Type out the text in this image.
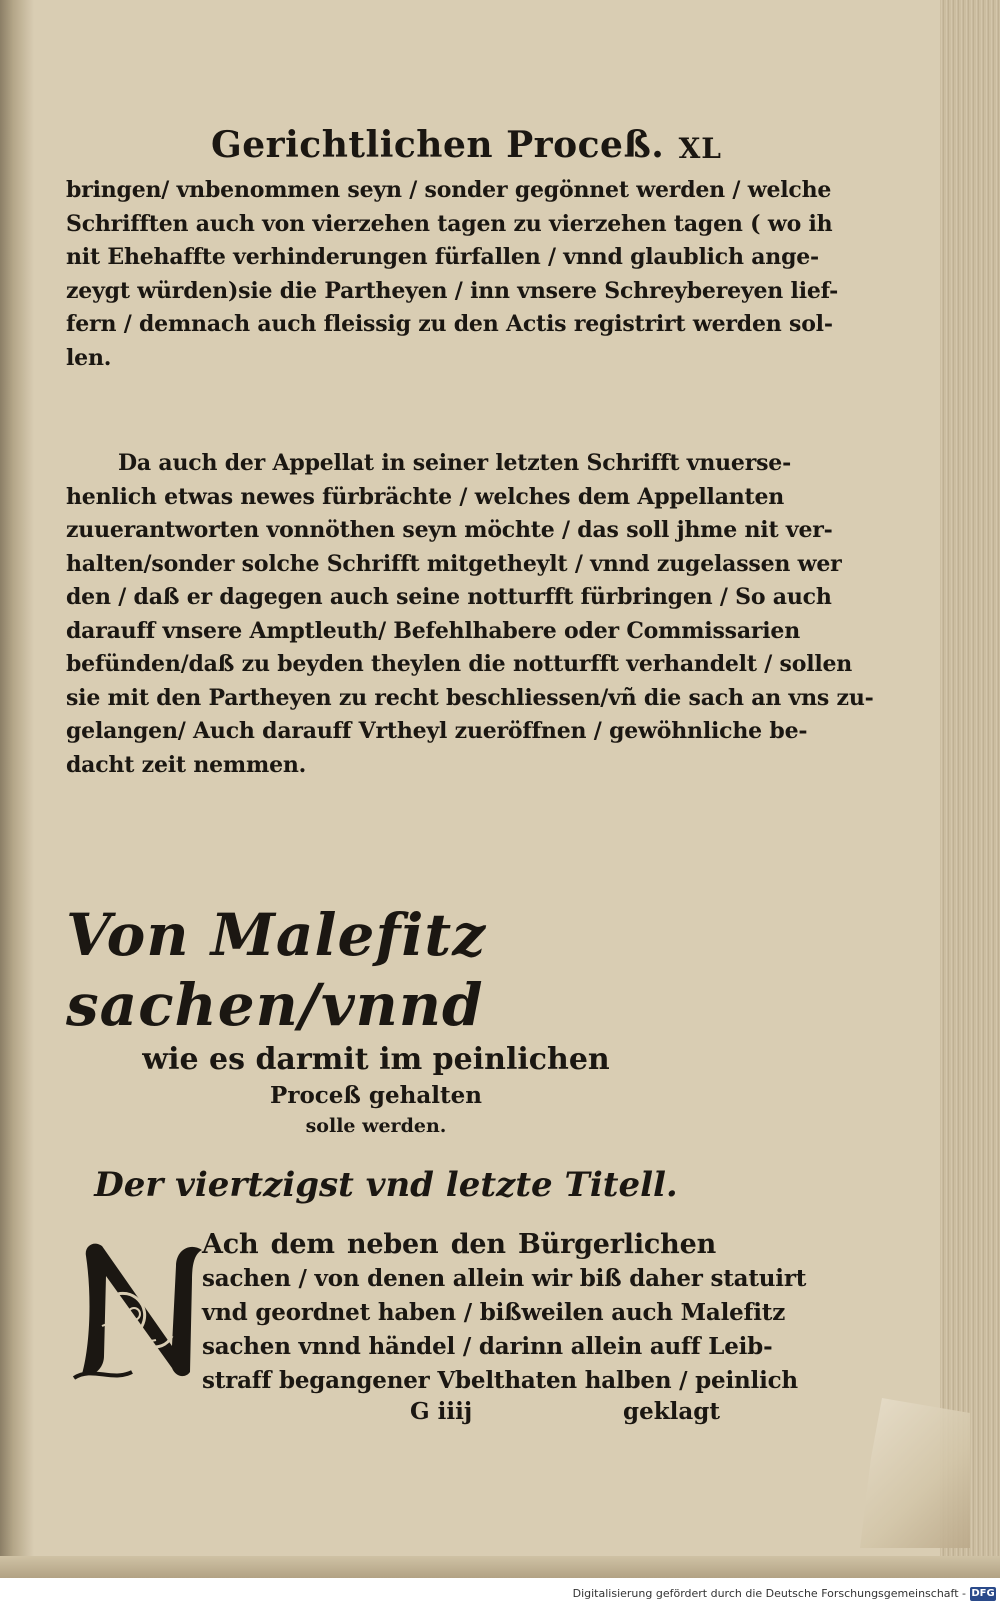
Gerichtlichen Proceß. XL
bringen/ vnbenommen seyn / sonder gegönnet werden / welche
Schrifften auch von vierzehen tagen zu vierzehen tagen ( wo ih
nit Ehehaffte verhinderungen fürfallen / vnnd glaublich ange-
zeygt würden)sie die Partheyen / inn vnsere Schreybereyen lief-
fern / demnach auch fleissig zu den Actis registrirt werden sol-
len.
Da auch der Appellat in seiner letzten Schrifft vnuerse-
henlich etwas newes fürbrächte / welches dem Appellanten
zuuerantworten vonnöthen seyn möchte / das soll jhme nit ver-
halten/sonder solche Schrifft mitgetheylt / vnnd zugelassen wer
den / daß er dagegen auch seine notturfft fürbringen / So auch
darauff vnsere Amptleuth/ Befehlhabere oder Commissarien
befünden/daß zu beyden theylen die notturfft verhandelt / sollen
sie mit den Partheyen zu recht beschliessen/vñ die sach an vns zu-
gelangen/ Auch darauff Vrtheyl zueröffnen / gewöhnliche be-
dacht zeit nemmen.
Von Malefitz sachen/vnnd
wie es darmit im peinlichen
Proceß gehalten
solle werden.
Der viertzigst vnd letzte Titell.
Ach dem neben den Bürgerlichen
sachen / von denen allein wir biß daher statuirt
vnd geordnet haben / bißweilen auch Malefitz
sachen vnnd händel / darinn allein auff Leib-
straff begangener Vbelthaten halben / peinlich
G iiij	geklagt
Digitalisierung gefördert durch die Deutsche Forschungsgemeinschaft - DFG
